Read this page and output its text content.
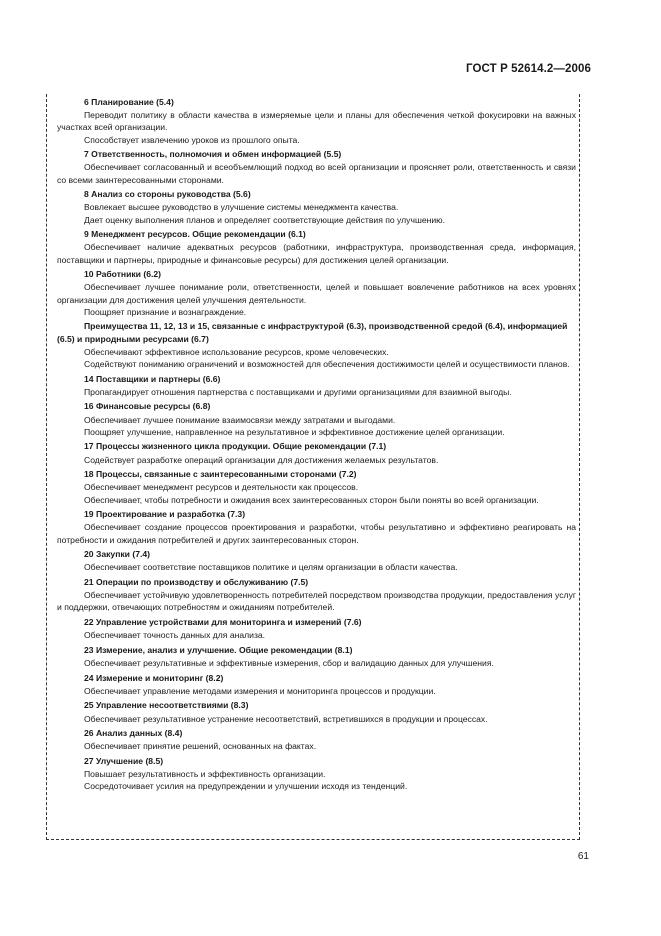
ГОСТ Р 52614.2—2006

6 Планирование (5.4)

Переводит политику в области качества в измеряемые цели и планы для обеспечения четкой фокусировки на важных участках всей организации.

Способствует извлечению уроков из прошлого опыта.

7 Ответственность, полномочия и обмен информацией (5.5)

Обеспечивает согласованный и всеобъемлющий подход во всей организации и проясняет роли, ответственность и связи со всеми заинтересованными сторонами.

8 Анализ со стороны руководства (5.6)

Вовлекает высшее руководство в улучшение системы менеджмента качества.

Дает оценку выполнения планов и определяет соответствующие действия по улучшению.

9 Менеджмент ресурсов. Общие рекомендации (6.1)

Обеспечивает наличие адекватных ресурсов (работники, инфраструктура, производственная среда, информация, поставщики и партнеры, природные и финансовые ресурсы) для достижения целей организации.

10 Работники (6.2)

Обеспечивает лучшее понимание роли, ответственности, целей и повышает вовлечение работников на всех уровнях организации для достижения целей улучшения деятельности.

Поощряет признание и вознаграждение.

Преимущества 11, 12, 13 и 15, связанные с инфраструктурой (6.3), производственной средой (6.4), информацией (6.5) и природными ресурсами (6.7)

Обеспечивают эффективное использование ресурсов, кроме человеческих.

Содействуют пониманию ограничений и возможностей для обеспечения достижимости целей и осуществимости планов.

14 Поставщики и партнеры (6.6)

Пропагандирует отношения партнерства с поставщиками и другими организациями для взаимной выгоды.

16 Финансовые ресурсы (6.8)

Обеспечивает лучшее понимание взаимосвязи между затратами и выгодами.

Поощряет улучшение, направленное на результативное и эффективное достижение целей организации.

17 Процессы жизненного цикла продукции. Общие рекомендации (7.1)

Содействует разработке операций организации для достижения желаемых результатов.

18 Процессы, связанные с заинтересованными сторонами (7.2)

Обеспечивает менеджмент ресурсов и деятельности как процессов.

Обеспечивает, чтобы потребности и ожидания всех заинтересованных сторон были поняты во всей организации.

19 Проектирование и разработка (7.3)

Обеспечивает создание процессов проектирования и разработки, чтобы результативно и эффективно реагировать на потребности и ожидания потребителей и других заинтересованных сторон.

20 Закупки (7.4)

Обеспечивает соответствие поставщиков политике и целям организации в области качества.

21 Операции по производству и обслуживанию (7.5)

Обеспечивает устойчивую удовлетворенность потребителей посредством производства продукции, предоставления услуг и поддержки, отвечающих потребностям и ожиданиям потребителей.

22 Управление устройствами для мониторинга и измерений (7.6)

Обеспечивает точность данных для анализа.

23 Измерение, анализ и улучшение. Общие рекомендации (8.1)

Обеспечивает результативные и эффективные измерения, сбор и валидацию данных для улучшения.

24 Измерение и мониторинг (8.2)

Обеспечивает управление методами измерения и мониторинга процессов и продукции.

25 Управление несоответствиями (8.3)

Обеспечивает результативное устранение несоответствий, встретившихся в продукции и процессах.

26 Анализ данных (8.4)

Обеспечивает принятие решений, основанных на фактах.

27 Улучшение (8.5)

Повышает результативность и эффективность организации.

Сосредоточивает усилия на предупреждении и улучшении исходя из тенденций.

61
